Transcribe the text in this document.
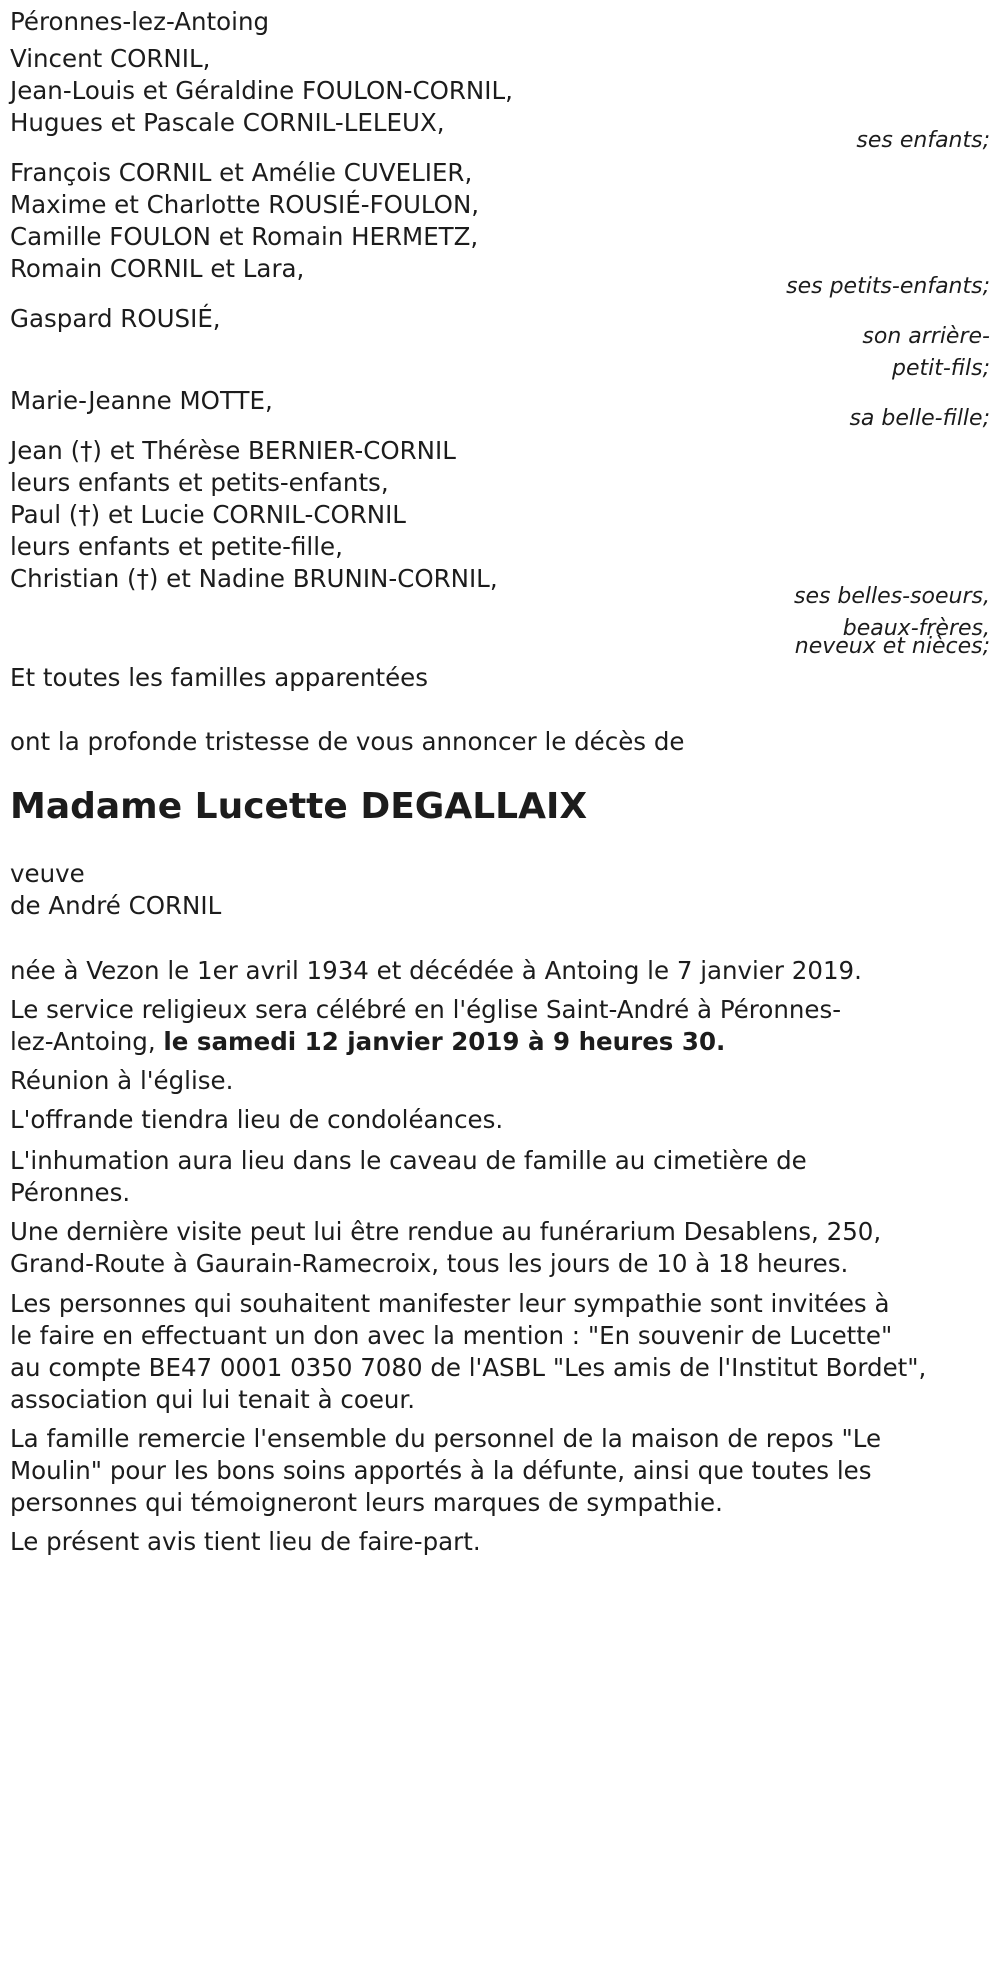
Péronnes-lez-Antoing
Vincent CORNIL,
Jean-Louis et Géraldine FOULON-CORNIL,
Hugues et Pascale CORNIL-LELEUX,
ses enfants;
François CORNIL et Amélie CUVELIER,
Maxime et Charlotte ROUSIÉ-FOULON,
Camille FOULON et Romain HERMETZ,
Romain CORNIL et Lara,
ses petits-enfants;
Gaspard ROUSIÉ,
son arrière-
petit-fils;
Marie-Jeanne MOTTE,
sa belle-fille;
Jean (†) et Thérèse BERNIER-CORNIL
leurs enfants et petits-enfants,
Paul (†) et Lucie CORNIL-CORNIL
leurs enfants et petite-fille,
Christian (†) et Nadine BRUNIN-CORNIL,
ses belles-soeurs,
beaux-frères,
neveux et nièces;
Et toutes les familles apparentées
ont la profonde tristesse de vous annoncer le décès de
Madame Lucette DEGALLAIX
veuve
de André CORNIL
née à Vezon le 1er avril 1934 et décédée à Antoing le 7 janvier 2019.
Le service religieux sera célébré en l'église Saint-André à Péronnes-
lez-Antoing, le samedi 12 janvier 2019 à 9 heures 30.
Réunion à l'église.
L'offrande tiendra lieu de condoléances.
L'inhumation aura lieu dans le caveau de famille au cimetière de
Péronnes.
Une dernière visite peut lui être rendue au funérarium Desablens, 250,
Grand-Route à Gaurain-Ramecroix, tous les jours de 10 à 18 heures.
Les personnes qui souhaitent manifester leur sympathie sont invitées à
le faire en effectuant un don avec la mention : "En souvenir de Lucette"
au compte BE47 0001 0350 7080 de l'ASBL "Les amis de l'Institut Bordet",
association qui lui tenait à coeur.
La famille remercie l'ensemble du personnel de la maison de repos "Le
Moulin" pour les bons soins apportés à la défunte, ainsi que toutes les
personnes qui témoigneront leurs marques de sympathie.
Le présent avis tient lieu de faire-part.
